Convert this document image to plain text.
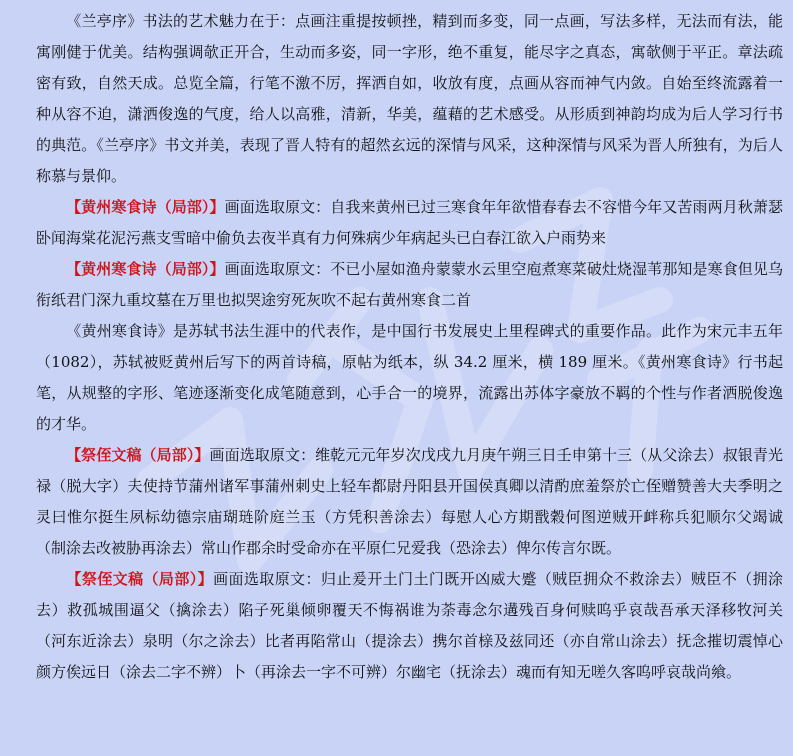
《兰亭序》书法的艺术魅力在于：点画注重提按顿挫，精到而多变，同一点画，写法多样，无法而有法，能寓刚健于优美。结构强调欹正开合，生动而多姿，同一字形，绝不重复，能尽字之真态，寓欹侧于平正。章法疏密有致，自然天成。总览全篇，行笔不激不厉，挥洒自如，收放有度，点画从容而神气内敛。自始至终流露着一种从容不迫，潇洒俊逸的气度，给人以高雅，清新，华美，蕴藉的艺术感受。从形质到神韵均成为后人学习行书的典范。《兰亭序》书文并美，表现了晋人特有的超然玄远的深情与风采，这种深情与风采为晋人所独有，为后人称慕与景仰。

【黄州寒食诗（局部）】画面选取原文：自我来黄州已过三寒食年年欲惜春春去不容惜今年又苦雨两月秋萧瑟卧闻海棠花泥污燕支雪暗中偷负去夜半真有力何殊病少年病起头已白春江欲入户雨势来

【黄州寒食诗（局部）】画面选取原文：不已小屋如渔舟蒙蒙水云里空庖煮寒菜破灶烧湿苇那知是寒食但见乌衔纸君门深九重坟墓在万里也拟哭途穷死灰吹不起右黄州寒食二首

《黄州寒食诗》是苏轼书法生涯中的代表作，是中国行书发展史上里程碑式的重要作品。此作为宋元丰五年（1082），苏轼被贬黄州后写下的两首诗稿，原帖为纸本，纵 34.2 厘米，横 189 厘米。《黄州寒食诗》行书起笔，从规整的字形、笔迹逐渐变化成笔随意到，心手合一的境界，流露出苏体字豪放不羁的个性与作者洒脱俊逸的才华。

【祭侄文稿（局部）】画面选取原文：维乾元元年岁次戊戌九月庚午朔三日壬申第十三（从父涂去）叔银青光禄（脱大字）夫使持节蒲州诸军事蒲州刺史上轻车都尉丹阳县开国侯真卿以清酌庶羞祭於亡侄赠赞善大夫季明之灵曰惟尔挺生夙标幼德宗庙瑚琏阶庭兰玉（方凭积善涂去）每慰人心方期戬穀何图逆贼开衅称兵犯顺尔父竭诚（制涂去改被胁再涂去）常山作郡余时受命亦在平原仁兄爱我（恐涂去）俾尔传言尔既。

【祭侄文稿（局部）】画面选取原文：归止爰开土门土门既开凶威大蹙（贼臣拥众不救涂去）贼臣不（拥涂去）救孤城围逼父（擒涂去）陷子死巢倾卵覆天不悔祸谁为荼毒念尔遘残百身何赎呜乎哀哉吾承天泽移牧河关（河东近涂去）泉明（尔之涂去）比者再陷常山（提涂去）携尔首榇及兹同还（亦自常山涂去）抚念摧切震悼心颜方俟远日（涂去二字不辨）卜（再涂去一字不可辨）尔幽宅（抚涂去）魂而有知无嗟久客呜呼哀哉尚飨。
